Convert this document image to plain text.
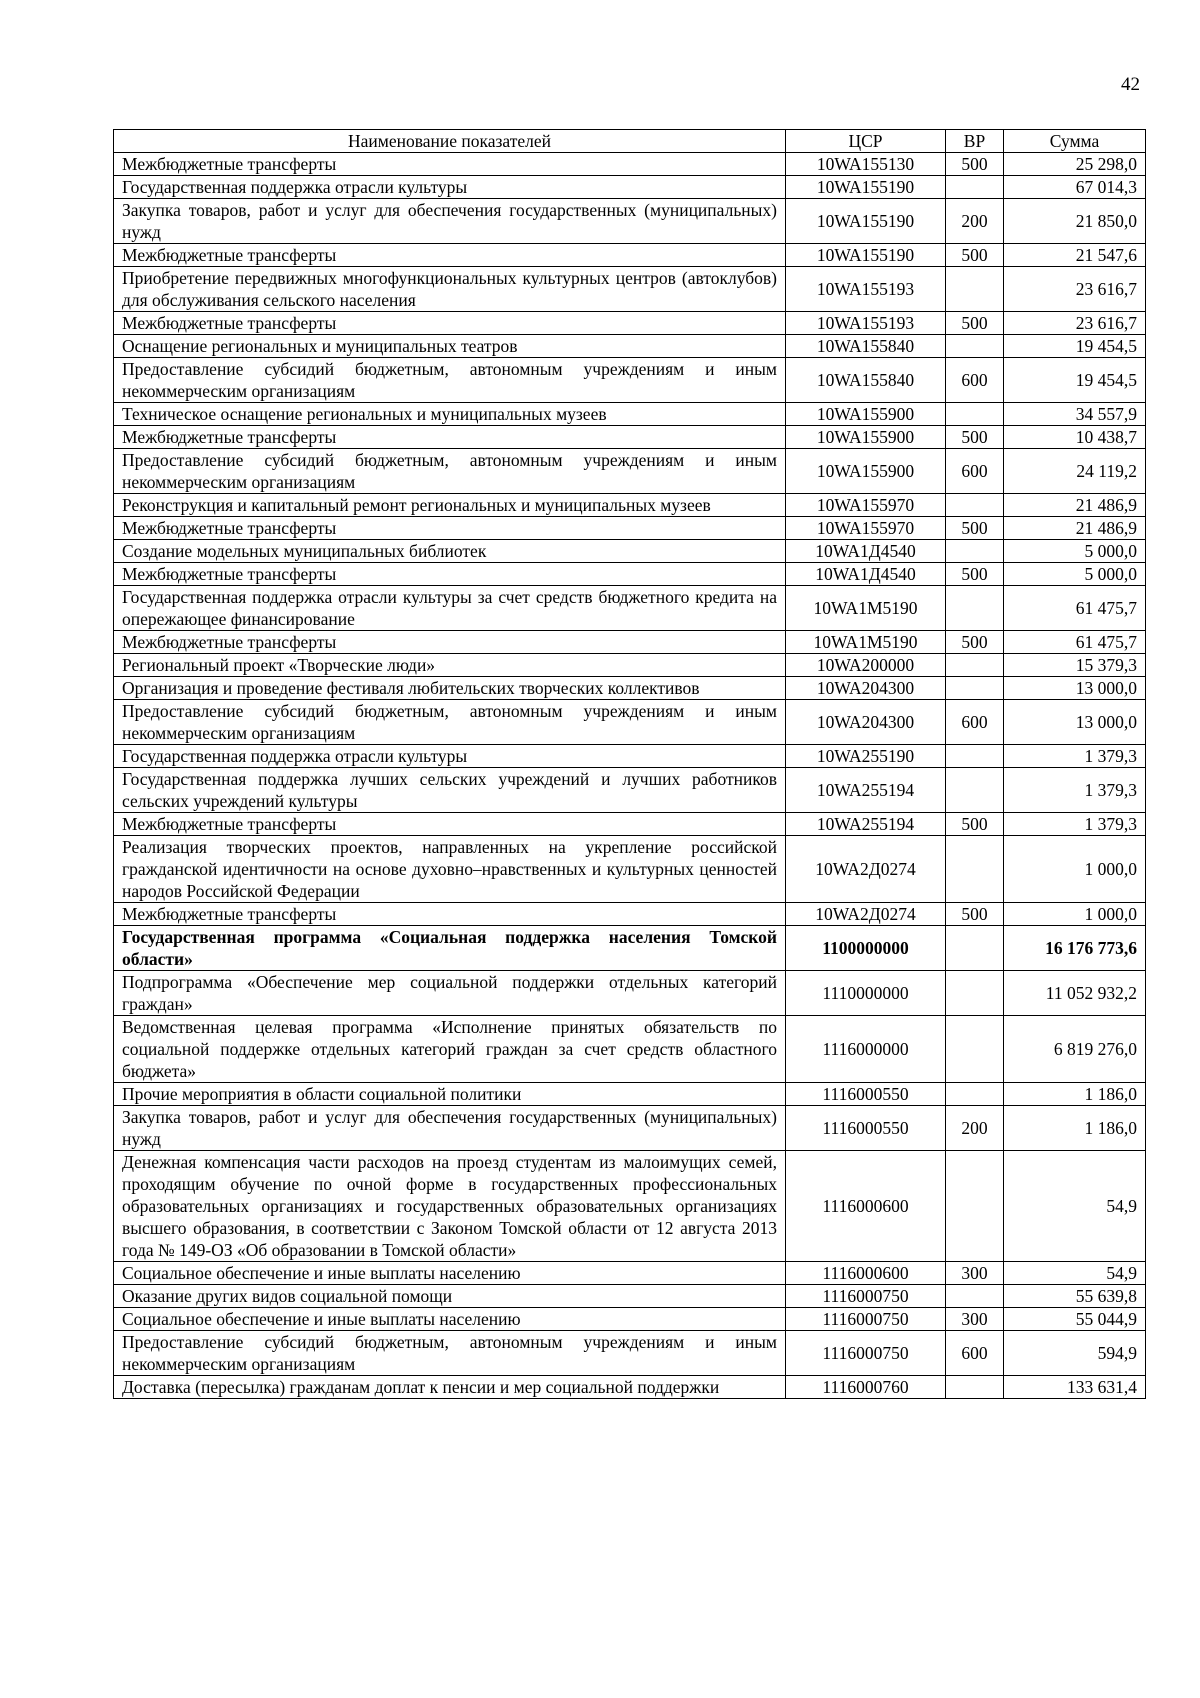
42
Наименование показателей	ЦСР	ВР	Сумма
Межбюджетные трансферты	10WA155130	500	25 298,0
Государственная поддержка отрасли культуры	10WA155190		67 014,3
Закупка товаров, работ и услуг для обеспечения государственных (муниципальных) нужд	10WA155190	200	21 850,0
Межбюджетные трансферты	10WA155190	500	21 547,6
Приобретение передвижных многофункциональных культурных центров (автоклубов) для обслуживания сельского населения	10WA155193		23 616,7
Межбюджетные трансферты	10WA155193	500	23 616,7
Оснащение региональных и муниципальных театров	10WA155840		19 454,5
Предоставление субсидий бюджетным, автономным учреждениям и иным некоммерческим организациям	10WA155840	600	19 454,5
Техническое оснащение региональных и муниципальных музеев	10WA155900		34 557,9
Межбюджетные трансферты	10WA155900	500	10 438,7
Предоставление субсидий бюджетным, автономным учреждениям и иным некоммерческим организациям	10WA155900	600	24 119,2
Реконструкция и капитальный ремонт региональных и муниципальных музеев	10WA155970		21 486,9
Межбюджетные трансферты	10WA155970	500	21 486,9
Создание модельных муниципальных библиотек	10WA1Д4540		5 000,0
Межбюджетные трансферты	10WA1Д4540	500	5 000,0
Государственная поддержка отрасли культуры за счет средств бюджетного кредита на опережающее финансирование	10WA1M5190		61 475,7
Межбюджетные трансферты	10WA1M5190	500	61 475,7
Региональный проект «Творческие люди»	10WA200000		15 379,3
Организация и проведение фестиваля любительских творческих коллективов	10WA204300		13 000,0
Предоставление субсидий бюджетным, автономным учреждениям и иным некоммерческим организациям	10WA204300	600	13 000,0
Государственная поддержка отрасли культуры	10WA255190		1 379,3
Государственная поддержка лучших сельских учреждений и лучших работников сельских учреждений культуры	10WA255194		1 379,3
Межбюджетные трансферты	10WA255194	500	1 379,3
Реализация творческих проектов, направленных на укрепление российской гражданской идентичности на основе духовно–нравственных и культурных ценностей народов Российской Федерации	10WA2Д0274		1 000,0
Межбюджетные трансферты	10WA2Д0274	500	1 000,0
Государственная программа «Социальная поддержка населения Томской области»	1100000000		16 176 773,6
Подпрограмма «Обеспечение мер социальной поддержки отдельных категорий граждан»	1110000000		11 052 932,2
Ведомственная целевая программа «Исполнение принятых обязательств по социальной поддержке отдельных категорий граждан за счет средств областного бюджета»	1116000000		6 819 276,0
Прочие мероприятия в области социальной политики	1116000550		1 186,0
Закупка товаров, работ и услуг для обеспечения государственных (муниципальных) нужд	1116000550	200	1 186,0
Денежная компенсация части расходов на проезд студентам из малоимущих семей, проходящим обучение по очной форме в государственных профессиональных образовательных организациях и государственных образовательных организациях высшего образования, в соответствии с Законом Томской области от 12 августа 2013 года № 149-ОЗ «Об образовании в Томской области»	1116000600		54,9
Социальное обеспечение и иные выплаты населению	1116000600	300	54,9
Оказание других видов социальной помощи	1116000750		55 639,8
Социальное обеспечение и иные выплаты населению	1116000750	300	55 044,9
Предоставление субсидий бюджетным, автономным учреждениям и иным некоммерческим организациям	1116000750	600	594,9
Доставка (пересылка) гражданам доплат к пенсии и мер социальной поддержки	1116000760		133 631,4
